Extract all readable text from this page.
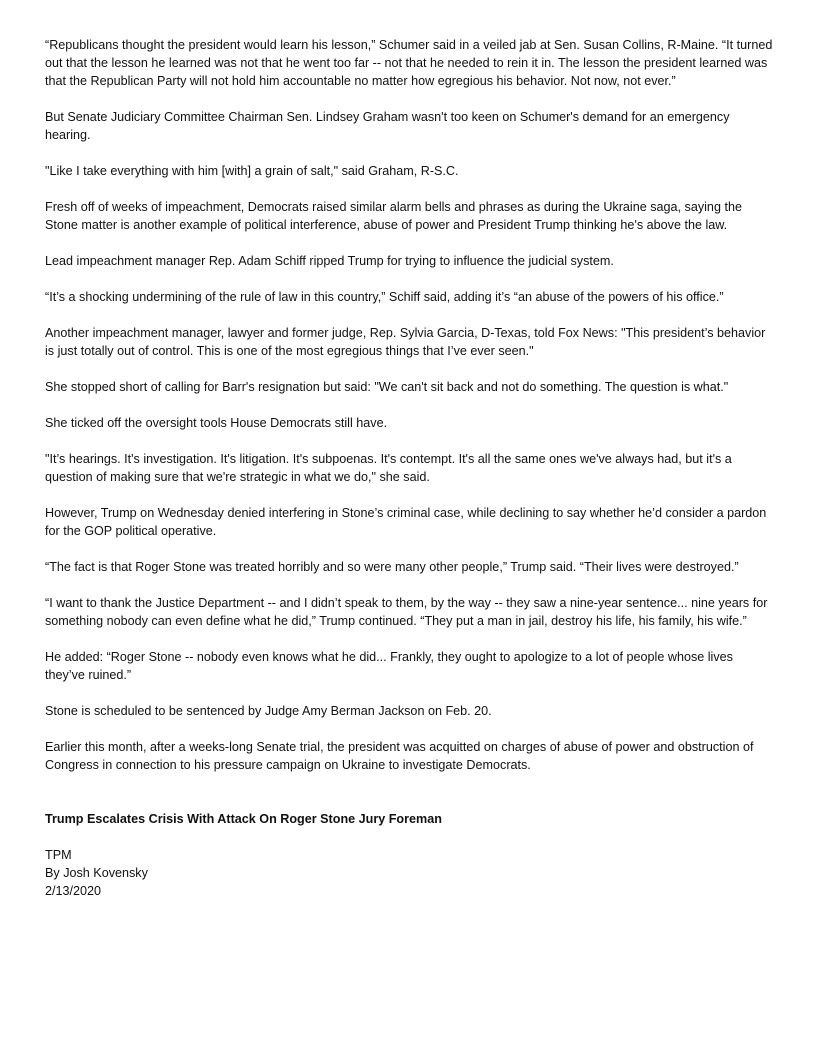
“Republicans thought the president would learn his lesson,” Schumer said in a veiled jab at Sen. Susan Collins, R-Maine. “It turned out that the lesson he learned was not that he went too far -- not that he needed to rein it in. The lesson the president learned was that the Republican Party will not hold him accountable no matter how egregious his behavior. Not now, not ever.”

But Senate Judiciary Committee Chairman Sen. Lindsey Graham wasn't too keen on Schumer's demand for an emergency hearing.

"Like I take everything with him [with] a grain of salt," said Graham, R-S.C.

Fresh off of weeks of impeachment, Democrats raised similar alarm bells and phrases as during the Ukraine saga, saying the Stone matter is another example of political interference, abuse of power and President Trump thinking he's above the law.

Lead impeachment manager Rep. Adam Schiff ripped Trump for trying to influence the judicial system.

“It’s a shocking undermining of the rule of law in this country,” Schiff said, adding it’s “an abuse of the powers of his office.”

Another impeachment manager, lawyer and former judge, Rep. Sylvia Garcia, D-Texas, told Fox News: "This president’s behavior is just totally out of control. This is one of the most egregious things that I’ve ever seen."

She stopped short of calling for Barr's resignation but said: "We can't sit back and not do something. The question is what."

She ticked off the oversight tools House Democrats still have.

"It’s hearings. It's investigation. It's litigation. It's subpoenas. It's contempt. It's all the same ones we've always had, but it's a question of making sure that we're strategic in what we do," she said.

However, Trump on Wednesday denied interfering in Stone’s criminal case, while declining to say whether he’d consider a pardon for the GOP political operative.

“The fact is that Roger Stone was treated horribly and so were many other people,” Trump said. “Their lives were destroyed.”

“I want to thank the Justice Department -- and I didn’t speak to them, by the way -- they saw a nine-year sentence... nine years for something nobody can even define what he did,” Trump continued. “They put a man in jail, destroy his life, his family, his wife.”

He added: “Roger Stone -- nobody even knows what he did... Frankly, they ought to apologize to a lot of people whose lives they’ve ruined.”

Stone is scheduled to be sentenced by Judge Amy Berman Jackson on Feb. 20.

Earlier this month, after a weeks-long Senate trial, the president was acquitted on charges of abuse of power and obstruction of Congress in connection to his pressure campaign on Ukraine to investigate Democrats.

Trump Escalates Crisis With Attack On Roger Stone Jury Foreman

TPM

By Josh Kovensky

2/13/2020
